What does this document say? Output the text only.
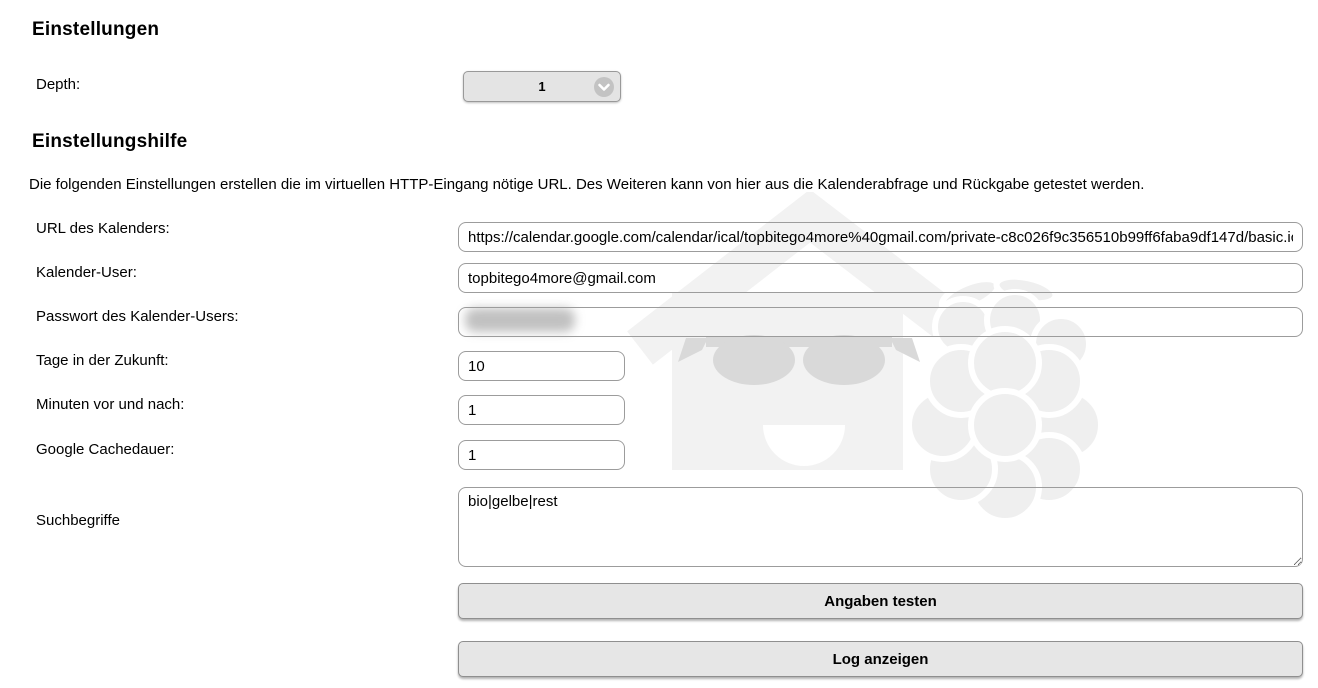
Einstellungen
Depth:	1
Einstellungshilfe

Die folgenden Einstellungen erstellen die im virtuellen HTTP-Eingang nötige URL. Des Weiteren kann von hier aus die Kalenderabfrage und Rückgabe getestet werden.

URL des Kalenders:
https://calendar.google.com/calendar/ical/topbitego4more%40gmail.com/private-c8c026f9c356510b99ff6faba9df147d/basic.ics
Kalender-User:
topbitego4more@gmail.com
Passwort des Kalender-Users:
Tage in der Zukunft:
10
Minuten vor und nach:
1
Google Cachedauer:
1
Suchbegriffe
bio|gelbe|rest
Angaben testen
Log anzeigen
